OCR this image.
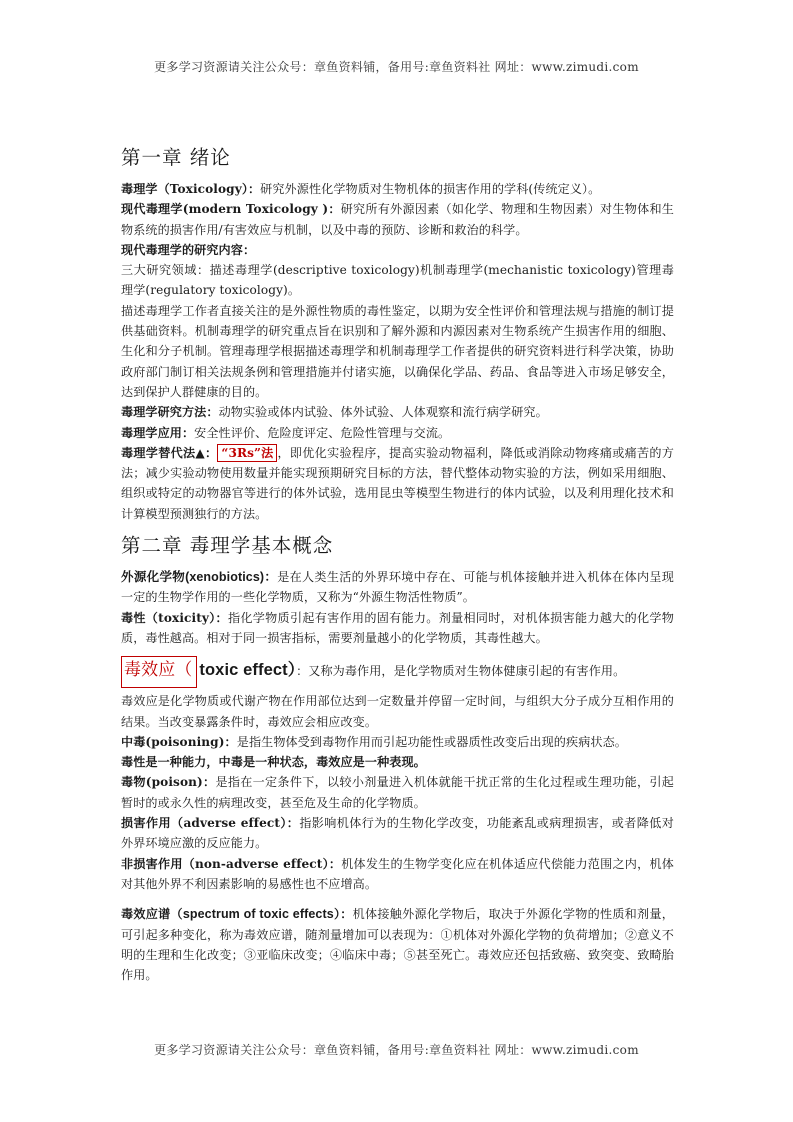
更多学习资源请关注公众号：章鱼资料铺，备用号:章鱼资料社 网址：www.zimudi.com
第一章 绪论

毒理学（Toxicology）：研究外源性化学物质对生物机体的损害作用的学科(传统定义）。

现代毒理学(modern Toxicology )：研究所有外源因素（如化学、物理和生物因素）对生物体和生物系统的损害作用/有害效应与机制，以及中毒的预防、诊断和救治的科学。

现代毒理学的研究内容：

三大研究领域：描述毒理学(descriptive toxicology)机制毒理学(mechanistic toxicology)管理毒理学(regulatory toxicology)。

描述毒理学工作者直接关注的是外源性物质的毒性鉴定，以期为安全性评价和管理法规与措施的制订提供基础资料。机制毒理学的研究重点旨在识别和了解外源和内源因素对生物系统产生损害作用的细胞、生化和分子机制。管理毒理学根据描述毒理学和机制毒理学工作者提供的研究资料进行科学决策，协助政府部门制订相关法规条例和管理措施并付诸实施，以确保化学品、药品、食品等进入市场足够安全，达到保护人群健康的目的。

毒理学研究方法：动物实验或体内试验、体外试验、人体观察和流行病学研究。

毒理学应用：安全性评价、危险度评定、危险性管理与交流。

毒理学替代法▲： “3Rs”法 ，即优化实验程序，提高实验动物福利，降低或消除动物疼痛或痛苦的方法；减少实验动物使用数量并能实现预期研究目标的方法，替代整体动物实验的方法，例如采用细胞、组织或特定的动物器官等进行的体外试验，选用昆虫等模型生物进行的体内试验，以及利用理化技术和计算模型预测独行的方法。

第二章 毒理学基本概念

外源化学物(xenobiotics)：是在人类生活的外界环境中存在、可能与机体接触并进入机体在体内呈现一定的生物学作用的一些化学物质，又称为“外源生物活性物质”。

毒性（toxicity）：指化学物质引起有害作用的固有能力。剂量相同时，对机体损害能力越大的化学物质，毒性越高。相对于同一损害指标，需要剂量越小的化学物质，其毒性越大。

毒效应（ toxic effect）：又称为毒作用，是化学物质对生物体健康引起的有害作用。

毒效应是化学物质或代谢产物在作用部位达到一定数量并停留一定时间，与组织大分子成分互相作用的结果。当改变暴露条件时，毒效应会相应改变。

中毒(poisoning)：是指生物体受到毒物作用而引起功能性或器质性改变后出现的疾病状态。

毒性是一种能力，中毒是一种状态，毒效应是一种表现。

毒物(poison)：是指在一定条件下，以较小剂量进入机体就能干扰正常的生化过程或生理功能，引起暂时的或永久性的病理改变，甚至危及生命的化学物质。

损害作用（adverse effect）：指影响机体行为的生物化学改变，功能紊乱或病理损害，或者降低对外界环境应激的反应能力。

非损害作用（non-adverse effect）：机体发生的生物学变化应在机体适应代偿能力范围之内，机体对其他外界不利因素影响的易感性也不应增高。

毒效应谱（spectrum of toxic effects）：机体接触外源化学物后，取决于外源化学物的性质和剂量，可引起多种变化，称为毒效应谱，随剂量增加可以表现为：①机体对外源化学物的负荷增加；②意义不明的生理和生化改变；③亚临床改变；④临床中毒；⑤甚至死亡。毒效应还包括致癌、致突变、致畸胎作用。

更多学习资源请关注公众号：章鱼资料铺，备用号:章鱼资料社 网址：www.zimudi.com
